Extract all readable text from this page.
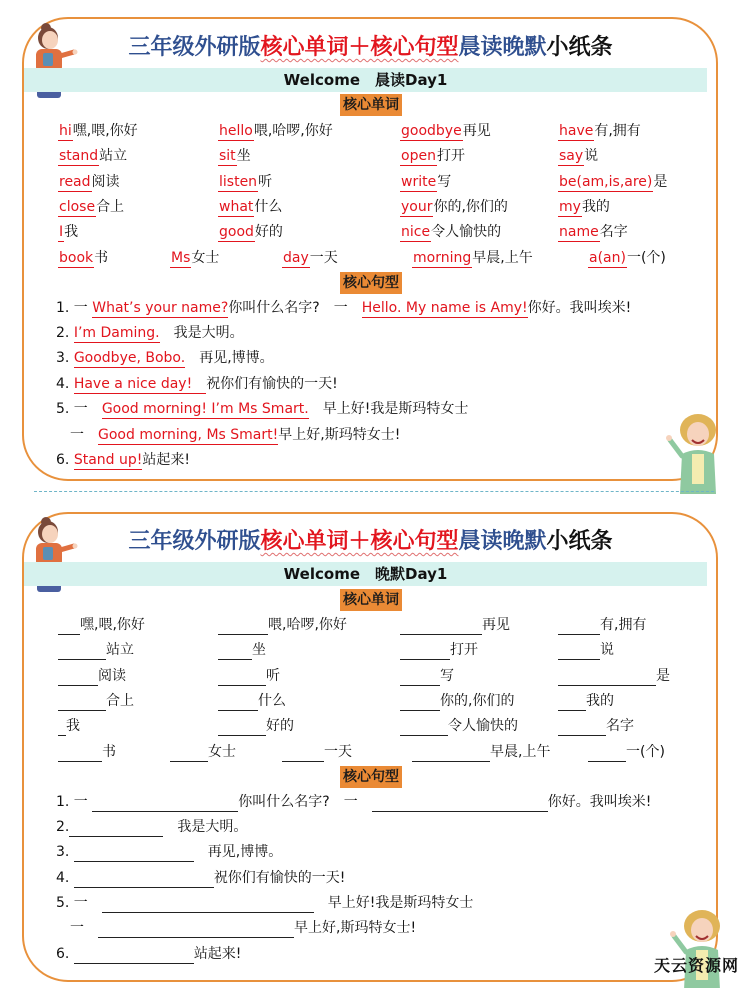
三年级外研版核心单词＋核心句型晨读晚默小纸条
Welcome　晨读Day1
核心单词
hi嘿,喂,你好	hello喂,哈啰,你好	goodbye再见	have有,拥有
stand站立	sit坐	open打开	say说
read阅读	listen听	write写	be(am,is,are)是
close合上	what什么	your你的,你们的	my我的
I我	good好的	nice令人愉快的	name名字
book书	Ms女士	day一天	morning早晨,上午	a(an)一(个)
核心句型
1. 一 What’s your name?你叫什么名字?　一　Hello. My name is Amy!你好。我叫埃米!
2. I’m Daming.　我是大明。
3. Goodbye, Bobo.　再见,博博。
4. Have a nice day!　祝你们有愉快的一天!
5. 一　Good morning! I’m Ms Smart.　早上好!我是斯玛特女士
　一　Good morning, Ms Smart!早上好,斯玛特女士!
6. Stand up!站起来!
三年级外研版核心单词＋核心句型晨读晚默小纸条
Welcome　晚默Day1
核心单词
嘿,喂,你好	喂,哈啰,你好	再见	有,拥有
站立	坐	打开	说
阅读	听	写	是
合上	什么	你的,你们的	我的
我	好的	令人愉快的	名字
书	女士	一天	早晨,上午	一(个)
核心句型
1. 一	你叫什么名字?　一　	你好。我叫埃米!
2.	　我是大明。
3.	　再见,博博。
4.	祝你们有愉快的一天!
5. 一　	　早上好!我是斯玛特女士
　一　	早上好,斯玛特女士!
6.	站起来!
天云资源网
